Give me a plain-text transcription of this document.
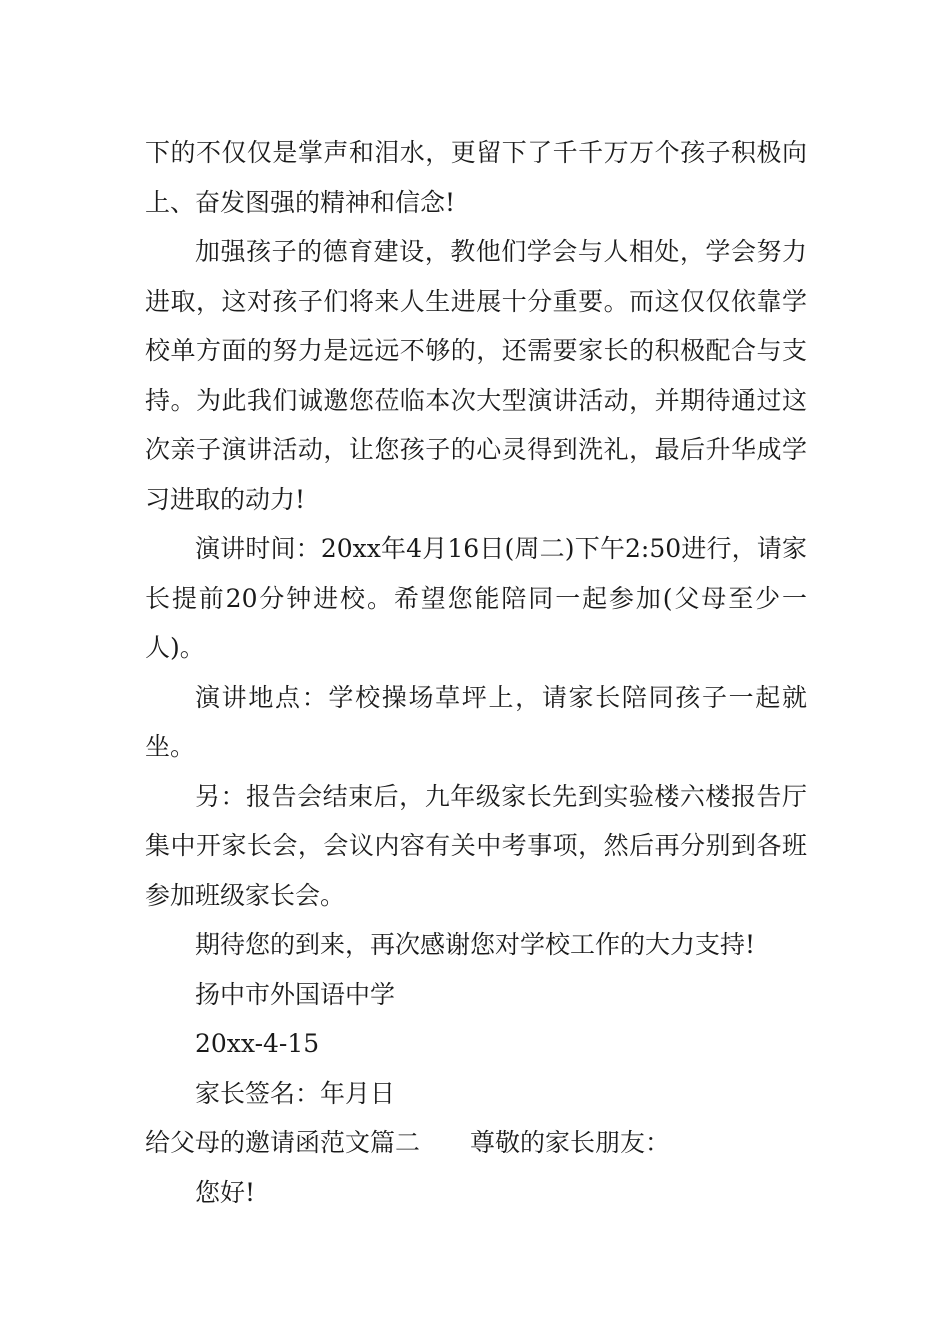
下的不仅仅是掌声和泪水，更留下了千千万万个孩子积极向上、奋发图强的精神和信念!

加强孩子的德育建设，教他们学会与人相处，学会努力进取，这对孩子们将来人生进展十分重要。而这仅仅依靠学校单方面的努力是远远不够的，还需要家长的积极配合与支持。为此我们诚邀您莅临本次大型演讲活动，并期待通过这次亲子演讲活动，让您孩子的心灵得到洗礼，最后升华成学习进取的动力!

演讲时间：20xx年4月16日(周二)下午2:50进行，请家长提前20分钟进校。希望您能陪同一起参加(父母至少一人)。

演讲地点：学校操场草坪上，请家长陪同孩子一起就坐。

另：报告会结束后，九年级家长先到实验楼六楼报告厅集中开家长会，会议内容有关中考事项，然后再分别到各班参加班级家长会。

期待您的到来，再次感谢您对学校工作的大力支持!

扬中市外国语中学

20xx-4-15

家长签名：年月日

给父母的邀请函范文篇二 尊敬的家长朋友：

您好!
